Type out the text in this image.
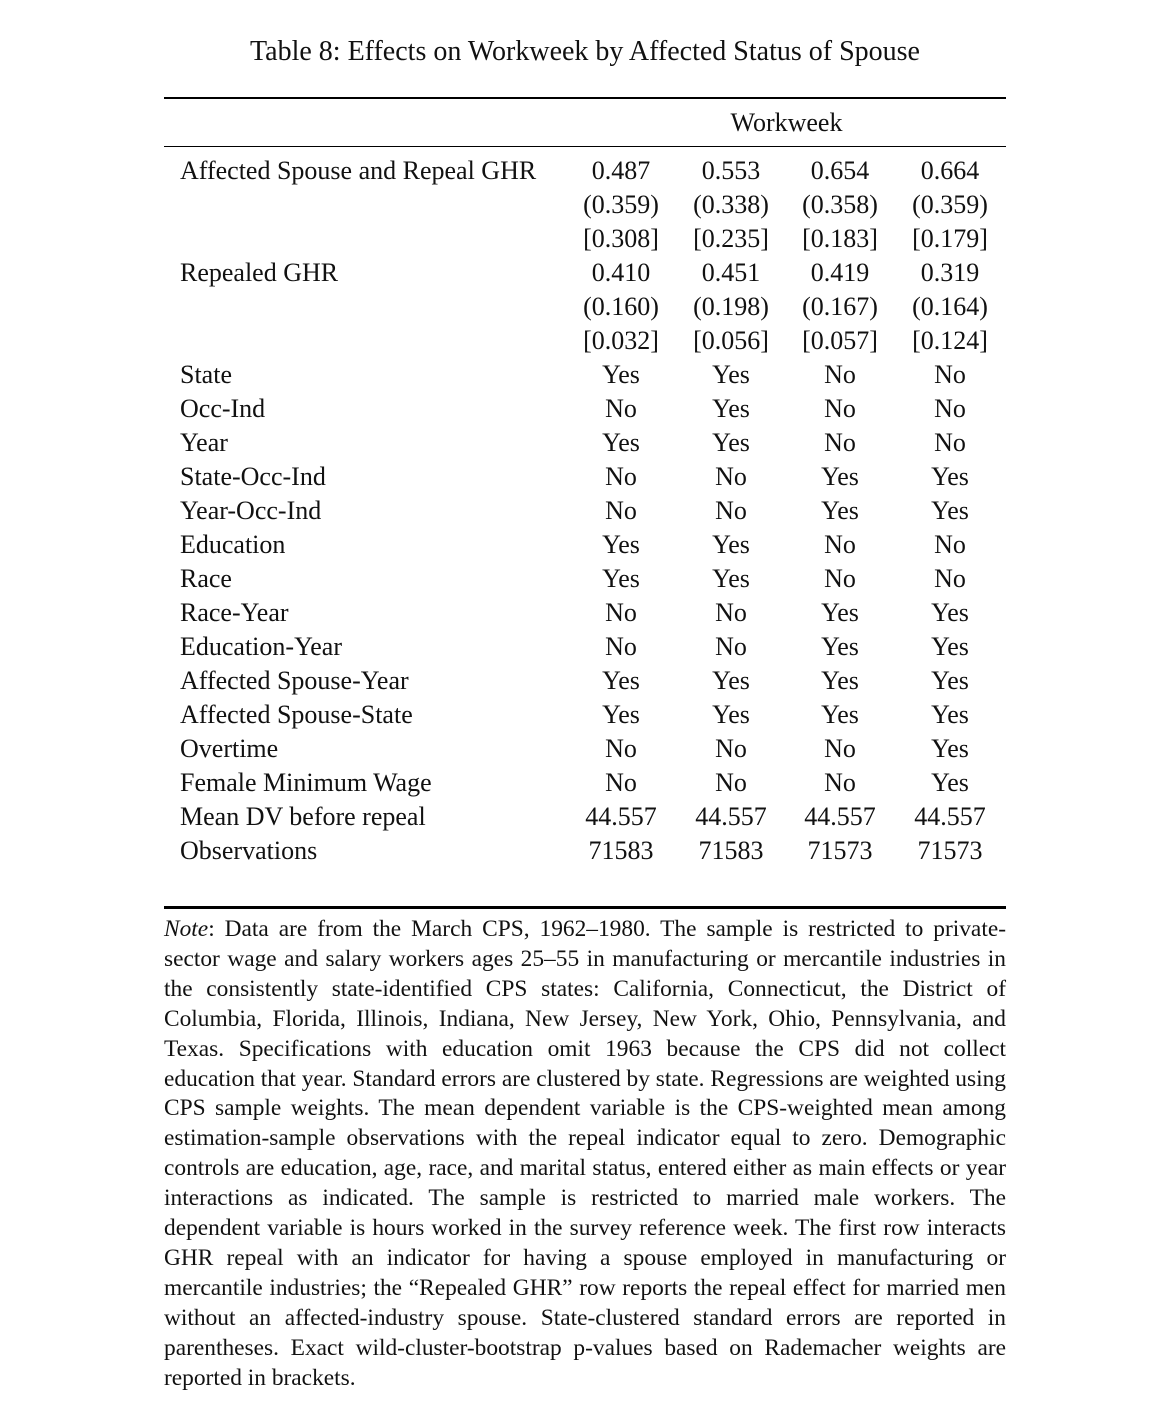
Table 8: Effects on Workweek by Affected Status of Spouse
Workweek
Affected Spouse and Repeal GHR	0.487	0.553	0.654	0.664
(0.359)	(0.338)	(0.358)	(0.359)
[0.308]	[0.235]	[0.183]	[0.179]
Repealed GHR	0.410	0.451	0.419	0.319
(0.160)	(0.198)	(0.167)	(0.164)
[0.032]	[0.056]	[0.057]	[0.124]
State	Yes	Yes	No	No
Occ-Ind	No	Yes	No	No
Year	Yes	Yes	No	No
State-Occ-Ind	No	No	Yes	Yes
Year-Occ-Ind	No	No	Yes	Yes
Education	Yes	Yes	No	No
Race	Yes	Yes	No	No
Race-Year	No	No	Yes	Yes
Education-Year	No	No	Yes	Yes
Affected Spouse-Year	Yes	Yes	Yes	Yes
Affected Spouse-State	Yes	Yes	Yes	Yes
Overtime	No	No	No	Yes
Female Minimum Wage	No	No	No	Yes
Mean DV before repeal	44.557	44.557	44.557	44.557
Observations	71583	71583	71573	71573
Note: Data are from the March CPS, 1962–1980. The sample is restricted to private-sector wage and salary workers ages 25–55 in manufacturing or mercantile industries in the consistently state-identified CPS states: California, Connecticut, the District of Columbia, Florida, Illinois, Indiana, New Jersey, New York, Ohio, Pennsylvania, and Texas. Specifications with education omit 1963 because the CPS did not collect education that year. Standard errors are clustered by state. Regressions are weighted using CPS sample weights. The mean dependent variable is the CPS-weighted mean among estimation-sample observations with the repeal indicator equal to zero. Demographic controls are education, age, race, and marital status, entered either as main effects or year interactions as indicated. The sample is restricted to married male workers. The dependent variable is hours worked in the survey reference week. The first row interacts GHR repeal with an indicator for having a spouse employed in manufacturing or mercantile industries; the “Repealed GHR” row reports the repeal effect for married men without an affected-industry spouse. State-clustered standard errors are reported in parentheses. Exact wild-cluster-bootstrap p-values based on Rademacher weights are reported in brackets.
